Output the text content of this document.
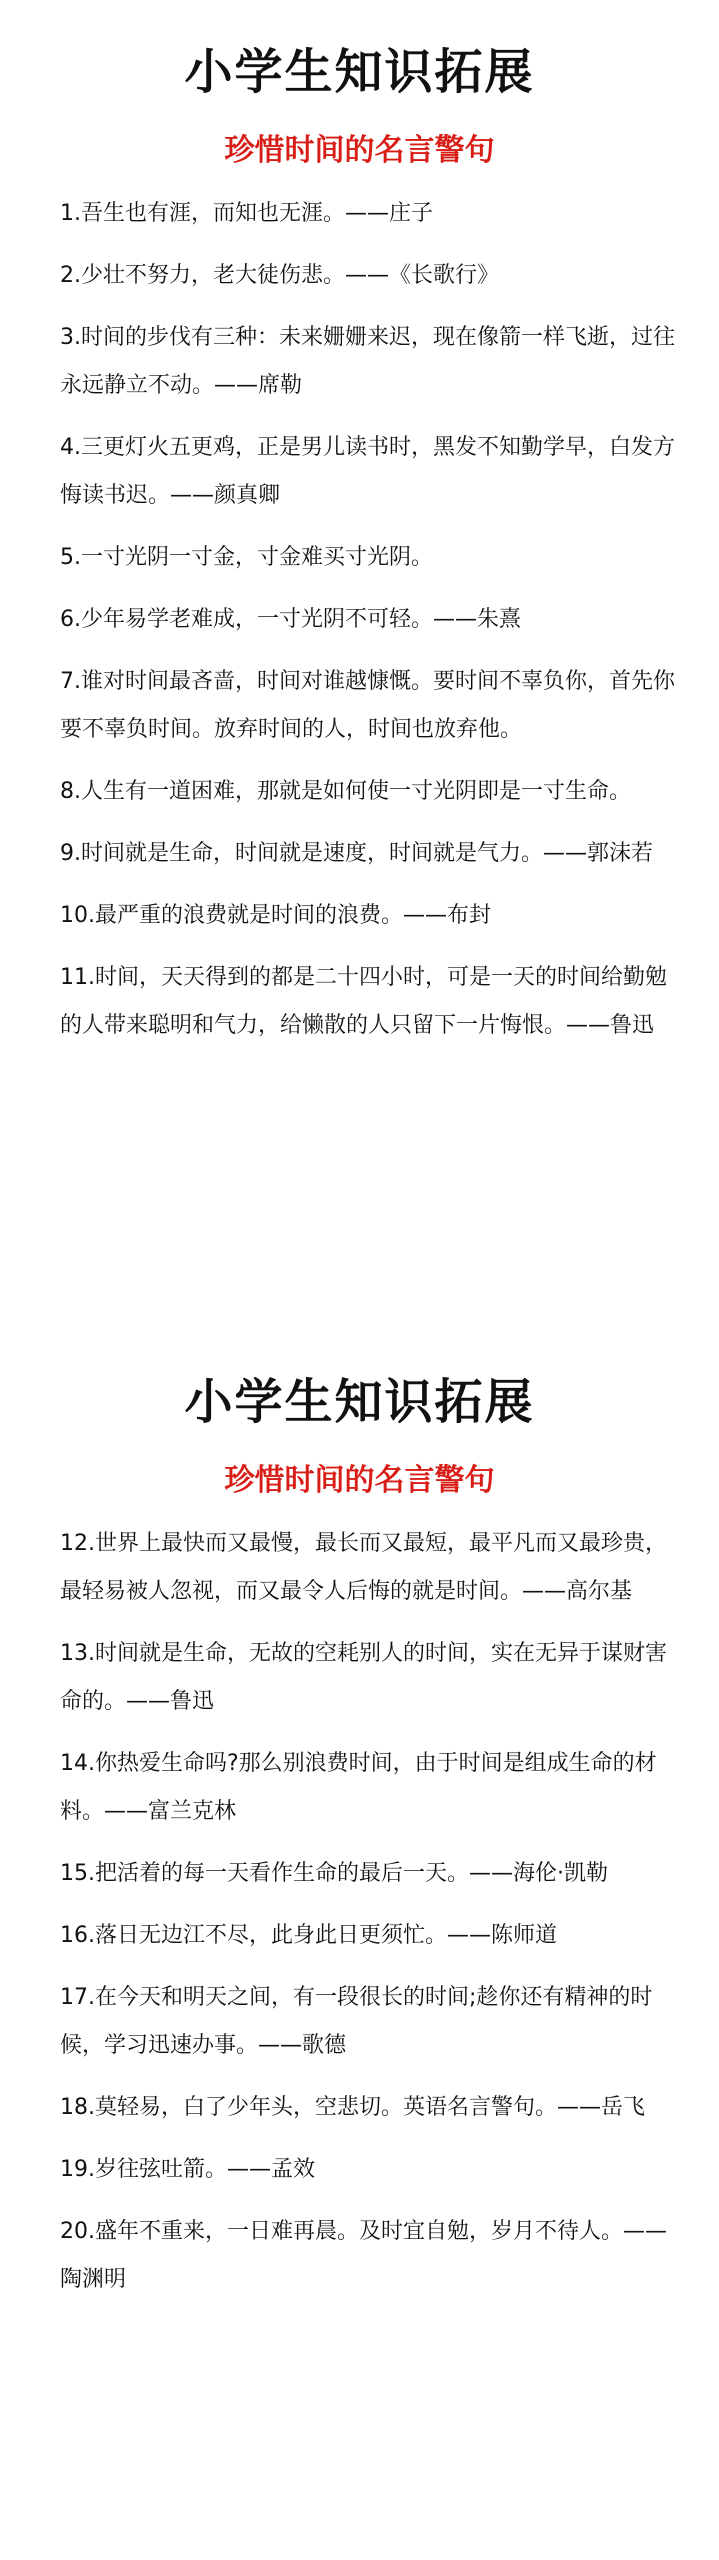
小学生知识拓展
珍惜时间的名言警句
1.吾生也有涯，而知也无涯。——庄子
2.少壮不努力，老大徒伤悲。——《长歌行》
3.时间的步伐有三种：未来姗姗来迟，现在像箭一样飞逝，过往永远静立不动。——席勒
4.三更灯火五更鸡，正是男儿读书时，黑发不知勤学早，白发方悔读书迟。——颜真卿
5.一寸光阴一寸金，寸金难买寸光阴。
6.少年易学老难成，一寸光阴不可轻。——朱熹
7.谁对时间最吝啬，时间对谁越慷慨。要时间不辜负你，首先你要不辜负时间。放弃时间的人，时间也放弃他。
8.人生有一道困难，那就是如何使一寸光阴即是一寸生命。
9.时间就是生命，时间就是速度，时间就是气力。——郭沫若
10.最严重的浪费就是时间的浪费。——布封
11.时间，天天得到的都是二十四小时，可是一天的时间给勤勉的人带来聪明和气力，给懒散的人只留下一片悔恨。——鲁迅
小学生知识拓展
珍惜时间的名言警句
12.世界上最快而又最慢，最长而又最短，最平凡而又最珍贵，最轻易被人忽视，而又最令人后悔的就是时间。——高尔基
13.时间就是生命，无故的空耗别人的时间，实在无异于谋财害命的。——鲁迅
14.你热爱生命吗?那么别浪费时间，由于时间是组成生命的材料。——富兰克林
15.把活着的每一天看作生命的最后一天。——海伦·凯勒
16.落日无边江不尽，此身此日更须忙。——陈师道
17.在今天和明天之间，有一段很长的时间;趁你还有精神的时候，学习迅速办事。——歌德
18.莫轻易，白了少年头，空悲切。英语名言警句。——岳飞
19.岁往弦吐箭。——孟效
20.盛年不重来，一日难再晨。及时宜自勉，岁月不待人。——陶渊明
